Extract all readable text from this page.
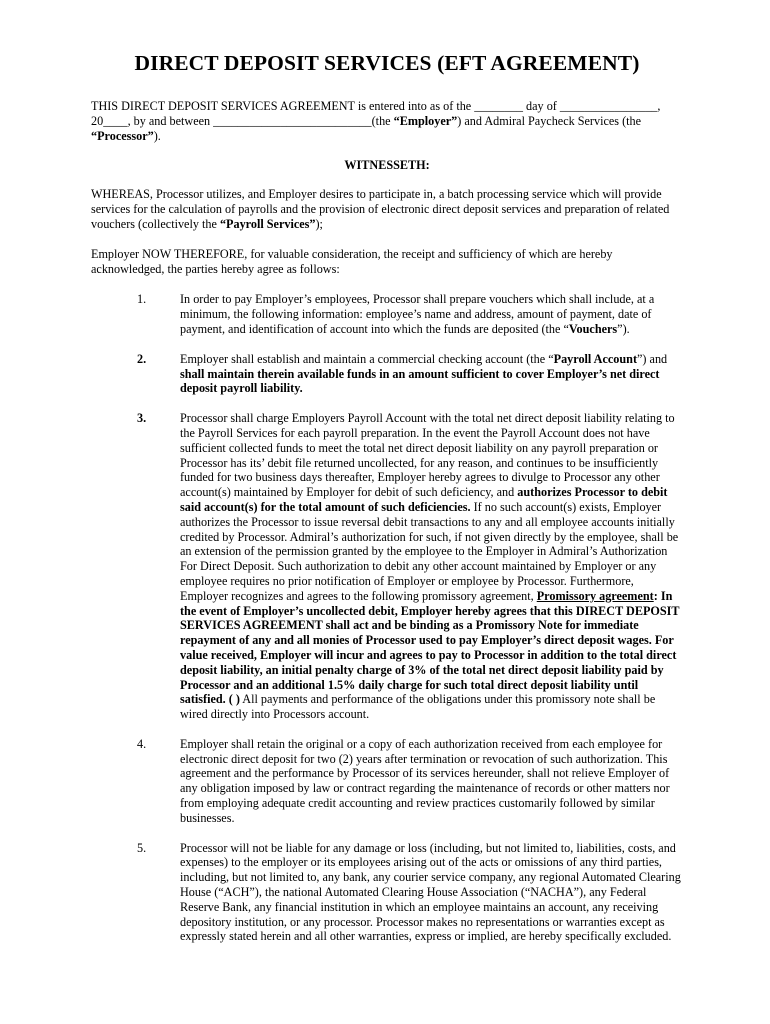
DIRECT DEPOSIT SERVICES (EFT AGREEMENT)

THIS DIRECT DEPOSIT SERVICES AGREEMENT is entered into as of the ________ day of ________________, 20____, by and between __________________________(the “Employer”) and Admiral Paycheck Services (the “Processor”).

WITNESSETH:

WHEREAS, Processor utilizes, and Employer desires to participate in, a batch processing service which will provide services for the calculation of payrolls and the provision of electronic direct deposit services and preparation of related vouchers (collectively the “Payroll Services”);

Employer NOW THEREFORE, for valuable consideration, the receipt and sufficiency of which are hereby acknowledged, the parties hereby agree as follows:

1.	In order to pay Employer’s employees, Processor shall prepare vouchers which shall include, at a minimum, the following information: employee’s name and address, amount of payment, date of payment, and identification of account into which the funds are deposited (the “Vouchers”).
2.	Employer shall establish and maintain a commercial checking account (the “Payroll Account”) and shall maintain therein available funds in an amount sufficient to cover Employer’s net direct deposit payroll liability.
3.	Processor shall charge Employers Payroll Account with the total net direct deposit liability relating to the Payroll Services for each payroll preparation. In the event the Payroll Account does not have sufficient collected funds to meet the total net direct deposit liability on any payroll preparation or Processor has its’ debit file returned uncollected, for any reason, and continues to be insufficiently funded for two business days thereafter, Employer hereby agrees to divulge to Processor any other account(s) maintained by Employer for debit of such deficiency, and authorizes Processor to debit said account(s) for the total amount of such deficiencies. If no such account(s) exists, Employer authorizes the Processor to issue reversal debit transactions to any and all employee accounts initially credited by Processor. Admiral’s authorization for such, if not given directly by the employee, shall be an extension of the permission granted by the employee to the Employer in Admiral’s Authorization For Direct Deposit. Such authorization to debit any other account maintained by Employer or any employee requires no prior notification of Employer or employee by Processor. Furthermore, Employer recognizes and agrees to the following promissory agreement, Promissory agreement: In the event of Employer’s uncollected debit, Employer hereby agrees that this DIRECT DEPOSIT SERVICES AGREEMENT shall act and be binding as a Promissory Note for immediate repayment of any and all monies of Processor used to pay Employer’s direct deposit wages. For value received, Employer will incur and agrees to pay to Processor in addition to the total direct deposit liability, an initial penalty charge of 3% of the total net direct deposit liability paid by Processor and an additional 1.5% daily charge for such total direct deposit liability until satisfied. ( ) All payments and performance of the obligations under this promissory note shall be wired directly into Processors account.
4.	Employer shall retain the original or a copy of each authorization received from each employee for electronic direct deposit for two (2) years after termination or revocation of such authorization. This agreement and the performance by Processor of its services hereunder, shall not relieve Employer of any obligation imposed by law or contract regarding the maintenance of records or other matters nor from employing adequate credit accounting and review practices customarily followed by similar businesses.
5.	Processor will not be liable for any damage or loss (including, but not limited to, liabilities, costs, and expenses) to the employer or its employees arising out of the acts or omissions of any third parties, including, but not limited to, any bank, any courier service company, any regional Automated Clearing House (“ACH”), the national Automated Clearing House Association (“NACHA”), any Federal Reserve Bank, any financial institution in which an employee maintains an account, any receiving depository institution, or any processor. Processor makes no representations or warranties except as expressly stated herein and all other warranties, express or implied, are hereby specifically excluded.
